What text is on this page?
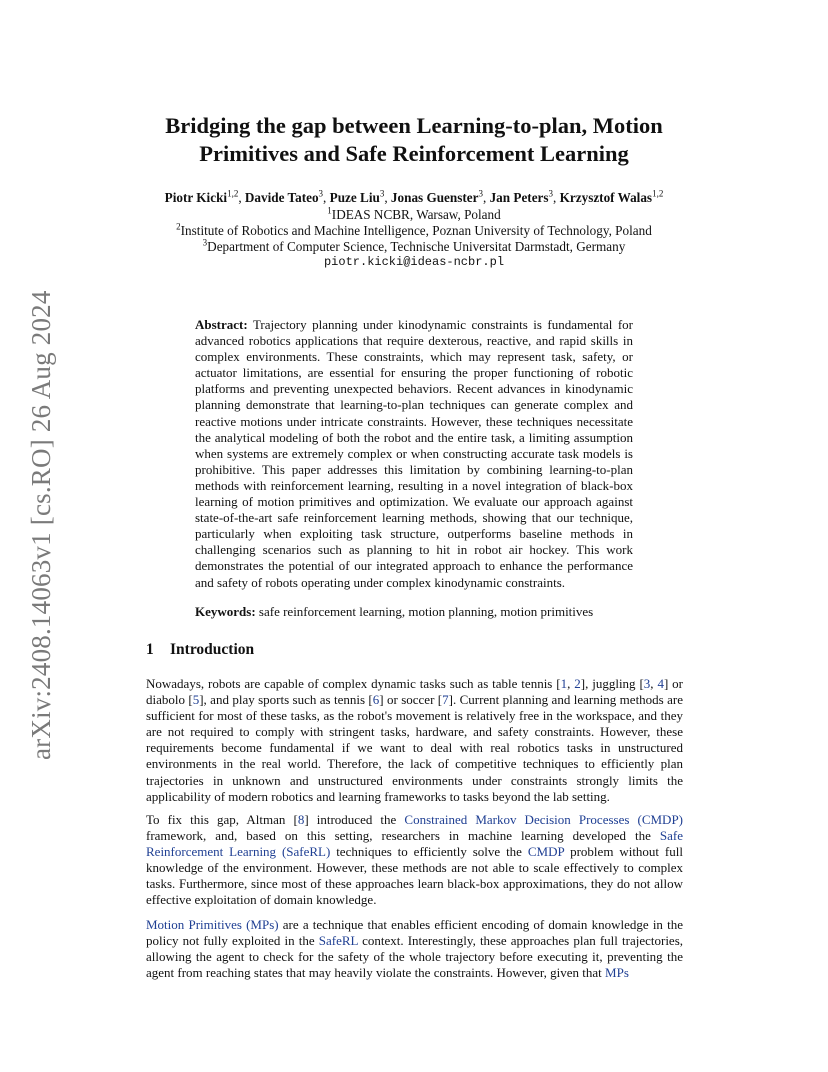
arXiv:2408.14063v1 [cs.RO] 26 Aug 2024
Bridging the gap between Learning-to-plan, Motion Primitives and Safe Reinforcement Learning
Piotr Kicki$^{1,2}$, Davide Tateo$^3$, Puze Liu$^3$, Jonas Guenster$^3$, Jan Peters$^3$, Krzysztof Walas$^{1,2}$
$^1$IDEAS NCBR, Warsaw, Poland
$^2$Institute of Robotics and Machine Intelligence, Poznan University of Technology, Poland
$^3$Department of Computer Science, Technische Universitat Darmstadt, Germany
piotr.kicki@ideas-ncbr.pl
Abstract: Trajectory planning under kinodynamic constraints is fundamental for advanced robotics applications that require dexterous, reactive, and rapid skills in complex environments. These constraints, which may represent task, safety, or actuator limitations, are essential for ensuring the proper functioning of robotic platforms and preventing unexpected behaviors. Recent advances in kinodynamic planning demonstrate that learning-to-plan techniques can generate complex and reactive motions under intricate constraints. However, these techniques necessitate the analytical modeling of both the robot and the entire task, a limiting assumption when systems are extremely complex or when constructing accurate task models is prohibitive. This paper addresses this limitation by combining learning-to-plan methods with reinforcement learning, resulting in a novel integration of black-box learning of motion primitives and optimization. We evaluate our approach against state-of-the-art safe reinforcement learning methods, showing that our technique, particularly when exploiting task structure, outperforms baseline methods in challenging scenarios such as planning to hit in robot air hockey. This work demonstrates the potential of our integrated approach to enhance the performance and safety of robots operating under complex kinodynamic constraints.
Keywords: safe reinforcement learning, motion planning, motion primitives
1 Introduction
Nowadays, robots are capable of complex dynamic tasks such as table tennis [1, 2], juggling [3, 4] or diabolo [5], and play sports such as tennis [6] or soccer [7]. Current planning and learning methods are sufficient for most of these tasks, as the robot's movement is relatively free in the workspace, and they are not required to comply with stringent tasks, hardware, and safety constraints. However, these requirements become fundamental if we want to deal with real robotics tasks in unstructured environments in the real world. Therefore, the lack of competitive techniques to efficiently plan trajectories in unknown and unstructured environments under constraints strongly limits the applicability of modern robotics and learning frameworks to tasks beyond the lab setting.
To fix this gap, Altman [8] introduced the Constrained Markov Decision Processes (CMDP) framework, and, based on this setting, researchers in machine learning developed the Safe Reinforcement Learning (SafeRL) techniques to efficiently solve the CMDP problem without full knowledge of the environment. However, these methods are not able to scale effectively to complex tasks. Furthermore, since most of these approaches learn black-box approximations, they do not allow effective exploitation of domain knowledge.
Motion Primitives (MPs) are a technique that enables efficient encoding of domain knowledge in the policy not fully exploited in the SafeRL context. Interestingly, these approaches plan full trajectories, allowing the agent to check for the safety of the whole trajectory before executing it, preventing the agent from reaching states that may heavily violate the constraints. However, given that MPs
